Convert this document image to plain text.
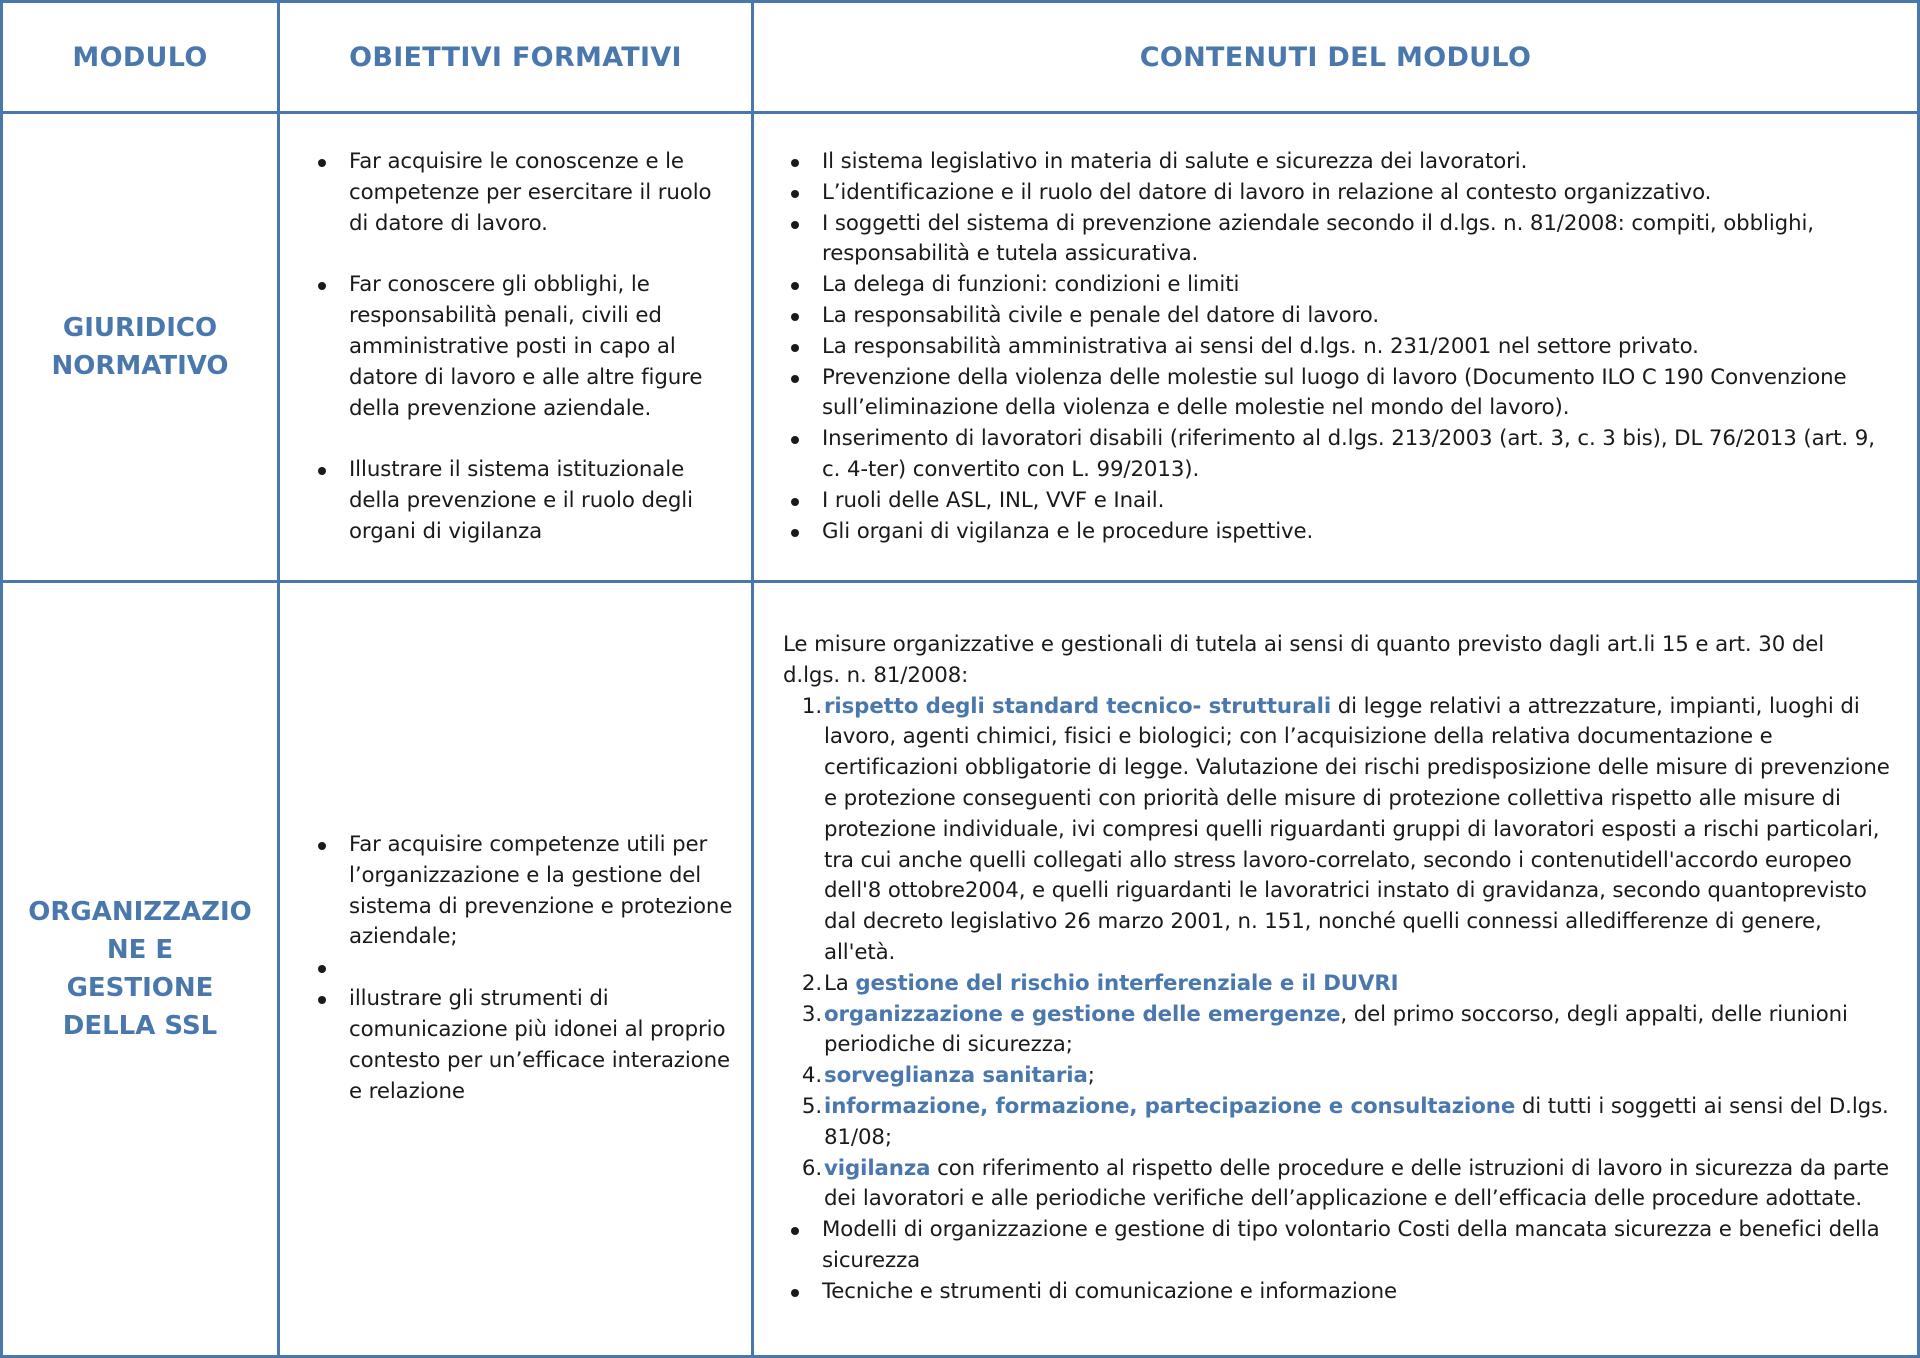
MODULO	OBIETTIVI FORMATIVI	CONTENUTI DEL MODULO
GIURIDICO
NORMATIVO
Far acquisire le conoscenze e le competenze per esercitare il ruolo di datore di lavoro.
Far conoscere gli obblighi, le responsabilità penali, civili ed amministrative posti in capo al datore di lavoro e alle altre figure della prevenzione aziendale.
Illustrare il sistema istituzionale della prevenzione e il ruolo degli organi di vigilanza
Il sistema legislativo in materia di salute e sicurezza dei lavoratori.
L’identificazione e il ruolo del datore di lavoro in relazione al contesto organizzativo.
I soggetti del sistema di prevenzione aziendale secondo il d.lgs. n. 81/2008: compiti, obblighi, responsabilità e tutela assicurativa.
La delega di funzioni: condizioni e limiti
La responsabilità civile e penale del datore di lavoro.
La responsabilità amministrativa ai sensi del d.lgs. n. 231/2001 nel settore privato.
Prevenzione della violenza delle molestie sul luogo di lavoro (Documento ILO C 190 Convenzione sull’eliminazione della violenza e delle molestie nel mondo del lavoro).
Inserimento di lavoratori disabili (riferimento al d.lgs. 213/2003 (art. 3, c. 3 bis), DL 76/2013 (art. 9, c. 4-ter) convertito con L. 99/2013).
I ruoli delle ASL, INL, VVF e Inail.
Gli organi di vigilanza e le procedure ispettive.
ORGANIZZAZIO
NE E
GESTIONE
DELLA SSL
Far acquisire competenze utili per l’organizzazione e la gestione del sistema di prevenzione e protezione aziendale;
illustrare gli strumenti di comunicazione più idonei al proprio contesto per un’efficace interazione e relazione
Le misure organizzative e gestionali di tutela ai sensi di quanto previsto dagli art.li 15 e art. 30 del d.lgs. n. 81/2008:
1. rispetto degli standard tecnico- strutturali di legge relativi a attrezzature, impianti, luoghi di lavoro, agenti chimici, fisici e biologici; con l’acquisizione della relativa documentazione e certificazioni obbligatorie di legge. Valutazione dei rischi predisposizione delle misure di prevenzione e protezione conseguenti con priorità delle misure di protezione collettiva rispetto alle misure di protezione individuale, ivi compresi quelli riguardanti gruppi di lavoratori esposti a rischi particolari, tra cui anche quelli collegati allo stress lavoro-correlato, secondo i contenutidell'accordo europeo dell'8 ottobre2004, e quelli riguardanti le lavoratrici instato di gravidanza, secondo quantoprevisto dal decreto legislativo 26 marzo 2001, n. 151, nonché quelli connessi alledifferenze di genere, all'età.
2. La gestione del rischio interferenziale e il DUVRI
3. organizzazione e gestione delle emergenze, del primo soccorso, degli appalti, delle riunioni periodiche di sicurezza;
4. sorveglianza sanitaria;
5. informazione, formazione, partecipazione e consultazione di tutti i soggetti ai sensi del D.lgs. 81/08;
6. vigilanza con riferimento al rispetto delle procedure e delle istruzioni di lavoro in sicurezza da parte dei lavoratori e alle periodiche verifiche dell’applicazione e dell’efficacia delle procedure adottate.
Modelli di organizzazione e gestione di tipo volontario Costi della mancata sicurezza e benefici della sicurezza
Tecniche e strumenti di comunicazione e informazione
